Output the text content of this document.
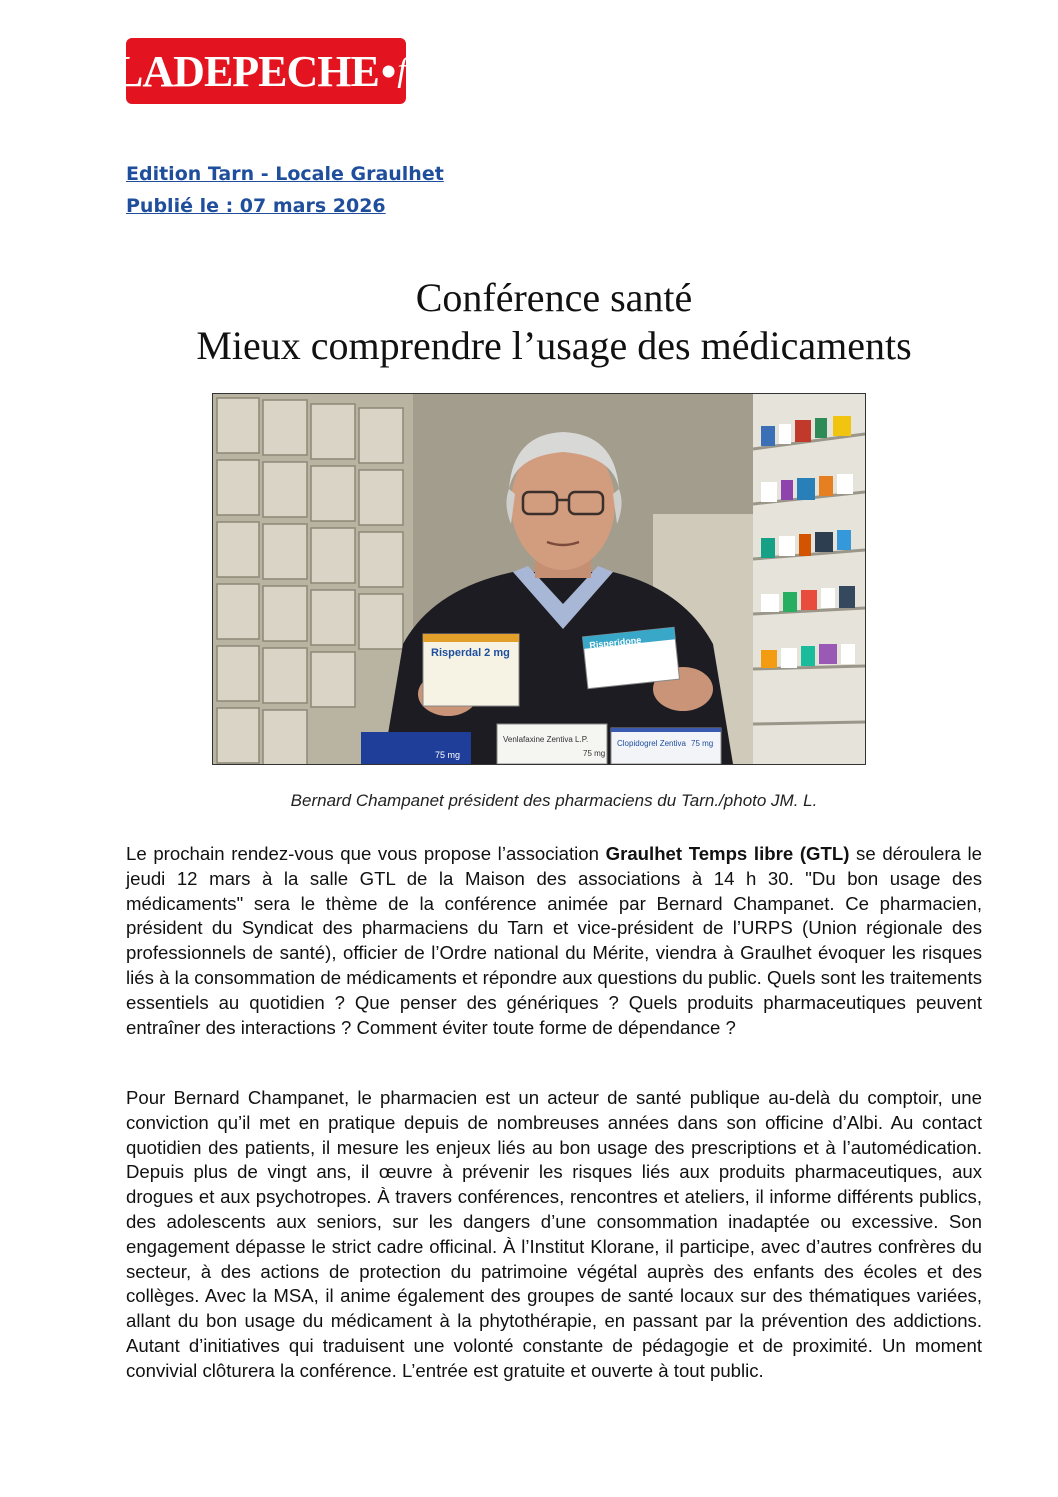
LADEPECHE • fr
Edition Tarn - Locale Graulhet
Publié le : 07 mars 2026
Conférence santé
Mieux comprendre l’usage des médicaments
Risperdal 2 mg
Risperidone
75 mg
Venlafaxine Zentiva L.P.
75 mg
Clopidogrel Zentiva 75 mg
Bernard Champanet président des pharmaciens du Tarn./photo JM. L.
Le prochain rendez-vous que vous propose l’association Graulhet Temps libre (GTL) se déroulera le jeudi 12 mars à la salle GTL de la Maison des associations à 14 h 30. "Du bon usage des médicaments" sera le thème de la conférence animée par Bernard Champanet. Ce pharmacien, président du Syndicat des pharmaciens du Tarn et vice-président de l’URPS (Union régionale des professionnels de santé), officier de l’Ordre national du Mérite, viendra à Graulhet évoquer les risques liés à la consommation de médicaments et répondre aux questions du public. Quels sont les traitements essentiels au quotidien ? Que penser des génériques ? Quels produits pharmaceutiques peuvent entraîner des interactions ? Comment éviter toute forme de dépendance ?
Pour Bernard Champanet, le pharmacien est un acteur de santé publique au-delà du comptoir, une conviction qu’il met en pratique depuis de nombreuses années dans son officine d’Albi. Au contact quotidien des patients, il mesure les enjeux liés au bon usage des prescriptions et à l’automédication. Depuis plus de vingt ans, il œuvre à prévenir les risques liés aux produits pharmaceutiques, aux drogues et aux psychotropes. À travers conférences, rencontres et ateliers, il informe différents publics, des adolescents aux seniors, sur les dangers d’une consommation inadaptée ou excessive. Son engagement dépasse le strict cadre officinal. À l’Institut Klorane, il participe, avec d’autres confrères du secteur, à des actions de protection du patrimoine végétal auprès des enfants des écoles et des collèges. Avec la MSA, il anime également des groupes de santé locaux sur des thématiques variées, allant du bon usage du médicament à la phytothérapie, en passant par la prévention des addictions. Autant d’initiatives qui traduisent une volonté constante de pédagogie et de proximité. Un moment convivial clôturera la conférence. L’entrée est gratuite et ouverte à tout public.
